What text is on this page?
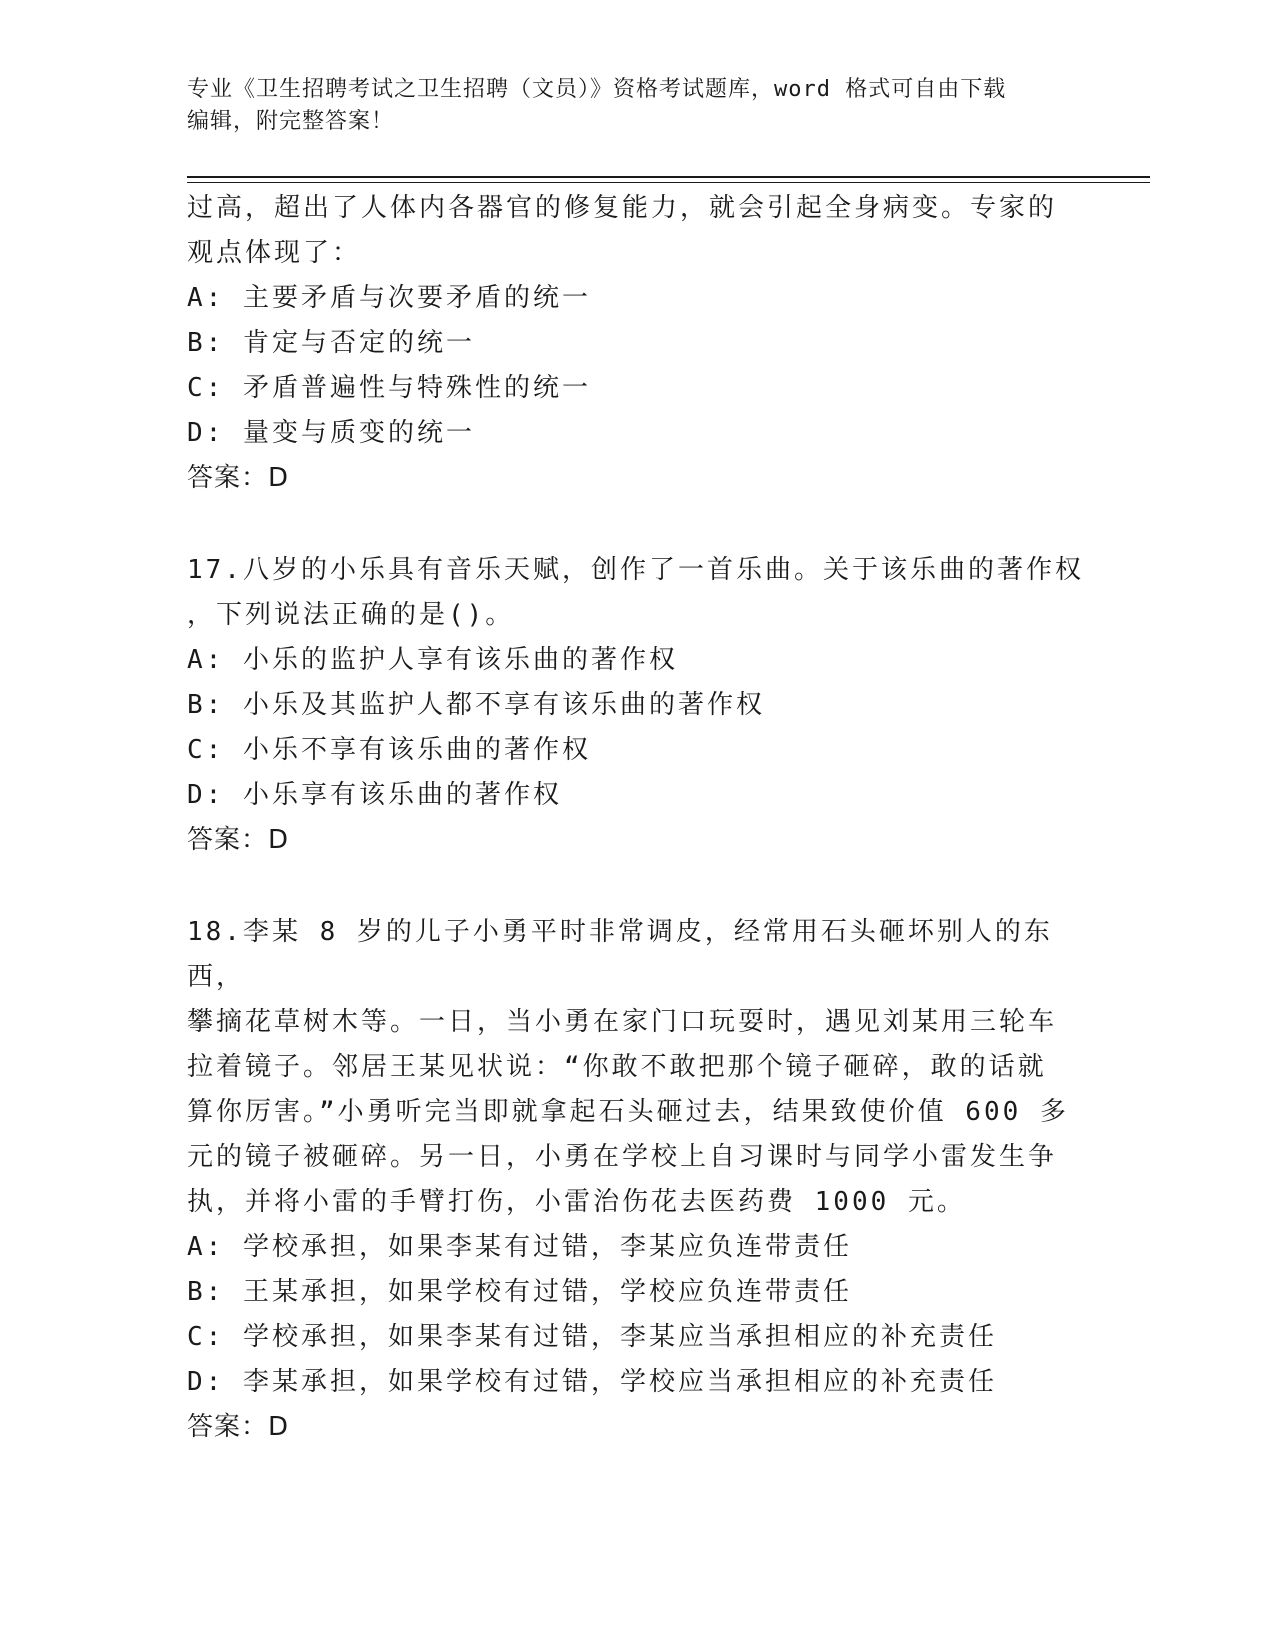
专业《卫生招聘考试之卫生招聘（文员）》资格考试题库，word 格式可自由下载
编辑，附完整答案！
过高，超出了人体内各器官的修复能力，就会引起全身病变。专家的
观点体现了：
A: 主要矛盾与次要矛盾的统一
B: 肯定与否定的统一
C: 矛盾普遍性与特殊性的统一
D: 量变与质变的统一
答案：D
17.八岁的小乐具有音乐天赋，创作了一首乐曲。关于该乐曲的著作权
，下列说法正确的是()。
A: 小乐的监护人享有该乐曲的著作权
B: 小乐及其监护人都不享有该乐曲的著作权
C: 小乐不享有该乐曲的著作权
D: 小乐享有该乐曲的著作权
答案：D
18.李某 8 岁的儿子小勇平时非常调皮，经常用石头砸坏别人的东西，
攀摘花草树木等。一日，当小勇在家门口玩耍时，遇见刘某用三轮车
拉着镜子。邻居王某见状说：“你敢不敢把那个镜子砸碎，敢的话就
算你厉害。”小勇听完当即就拿起石头砸过去，结果致使价值 600 多
元的镜子被砸碎。另一日，小勇在学校上自习课时与同学小雷发生争
执，并将小雷的手臂打伤，小雷治伤花去医药费 1000 元。
A: 学校承担，如果李某有过错，李某应负连带责任
B: 王某承担，如果学校有过错，学校应负连带责任
C: 学校承担，如果李某有过错，李某应当承担相应的补充责任
D: 李某承担，如果学校有过错，学校应当承担相应的补充责任
答案：D
